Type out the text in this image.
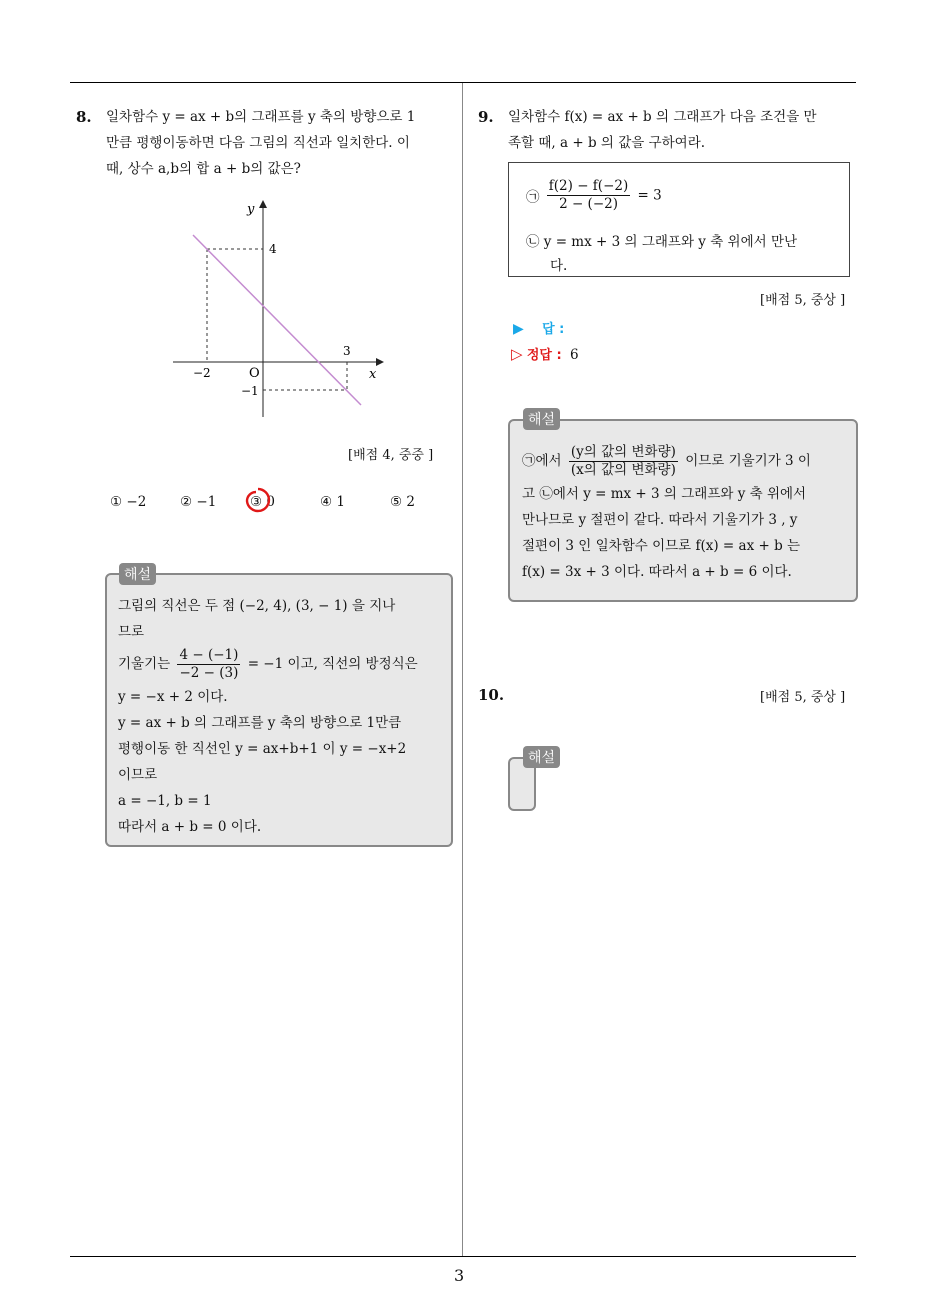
3
8. 일차함수 y = ax + b의 그래프를 y 축의 방향으로 1
만큼 평행이동하면 다음 그림의 직선과 일치한다. 이
때, 상수 a,b의 합 a + b의 값은?
y
x
O
4
3
−2
−1
[배점 4, 중중 ]
① −2 ② −1 ③ 0	④ 1	⑤ 2
해설
그림의 직선은 두 점 (−2, 4), (3, − 1) 을 지나
므로
기울기는 $\frac{4 - (-1)}{-2 - (3)} = -1$ 이고, 직선의 방정식은
y = −x + 2 이다.
y = ax + b 의 그래프를 y 축의 방향으로 1만큼
평행이동 한 직선인 y = ax+b+1 이 y = −x+2
이므로
a = −1, b = 1
따라서 a + b = 0 이다.
9. 일차함수 f(x) = ax + b 의 그래프가 다음 조건을 만
족할 때, a + b 의 값을 구하여라.
㉠ $\frac{f(2) - f(-2)}{2 - (-2)} = 3$
㉡ y = mx + 3 의 그래프와 y 축 위에서 만난
다.
[배점 5, 중상 ]
▶ 답 :
▷ 정답 : 6
해설
㉠에서 $\frac{\text{(y의 값의 변화량)}}{\text{(x의 값의 변화량)}}$ 이므로 기울기가 3 이
고 ㉡에서 y = mx + 3 의 그래프와 y 축 위에서
만나므로 y 절편이 같다. 따라서 기울기가 3 , y
절편이 3 인 일차함수 이므로 f(x) = ax + b 는
f(x) = 3x + 3 이다. 따라서 a + b = 6 이다.
10.	[배점 5, 중상 ]
해설
